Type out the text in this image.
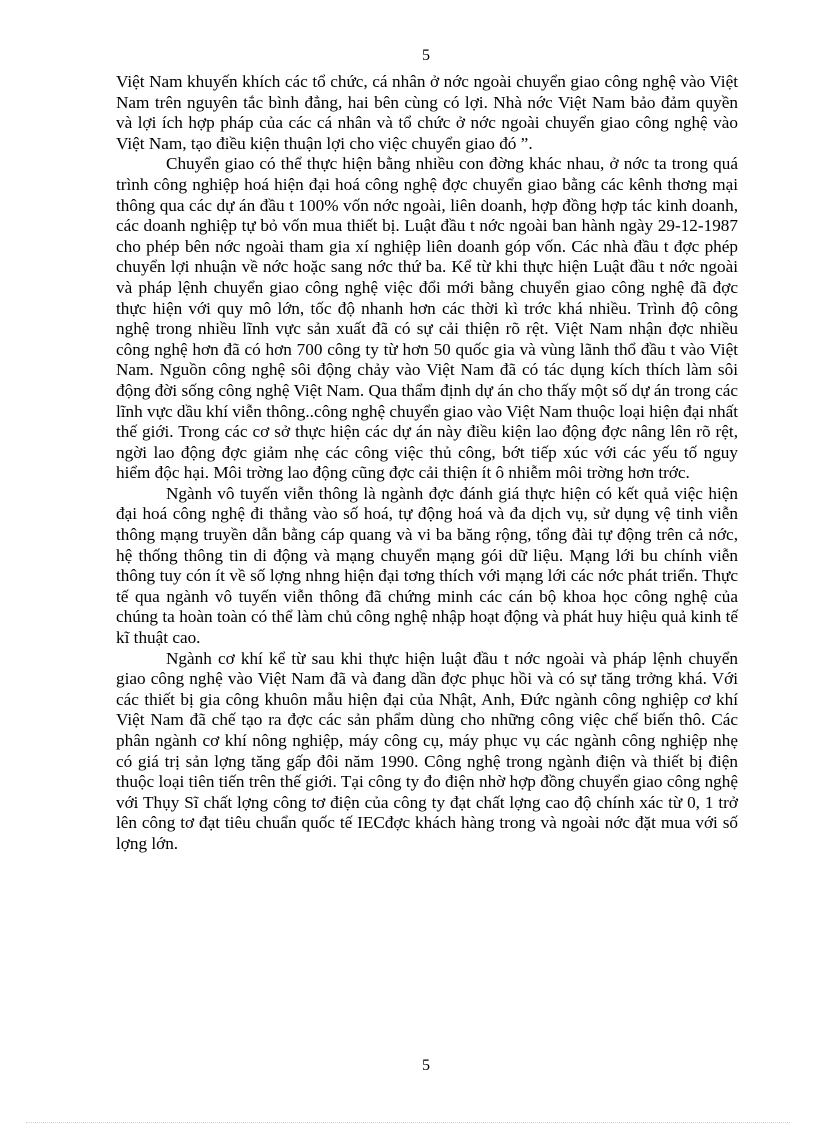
5

Việt Nam khuyến khích các tổ chức, cá nhân ở nớc ngoài chuyển giao công nghệ vào Việt Nam trên nguyên tắc bình đẳng, hai bên cùng có lợi. Nhà nớc Việt Nam bảo đảm quyền và lợi ích hợp pháp của các cá nhân và tổ chức ở nớc ngoài chuyển giao công nghệ vào Việt Nam, tạo điều kiện thuận lợi cho việc chuyển giao đó ”.

Chuyển giao có thể thực hiện bằng nhiều con đờng khác nhau, ở nớc ta trong quá trình công nghiệp hoá hiện đại hoá công nghệ đợc chuyển giao bằng các kênh thơng mại thông qua các dự án đầu t 100% vốn nớc ngoài, liên doanh, hợp đồng hợp tác kinh doanh, các doanh nghiệp tự bỏ vốn mua thiết bị. Luật đầu t nớc ngoài ban hành ngày 29-12-1987 cho phép bên nớc ngoài tham gia xí nghiệp liên doanh góp vốn. Các nhà đầu t đợc phép chuyển lợi nhuận về nớc hoặc sang nớc thứ ba. Kể từ khi thực hiện Luật đầu t nớc ngoài và pháp lệnh chuyển giao công nghệ việc đổi mới bằng chuyển giao công nghệ đã đợc thực hiện với quy mô lớn, tốc độ nhanh hơn các thời kì trớc khá nhiều. Trình độ công nghệ trong nhiều lĩnh vực sản xuất đã có sự cải thiện rõ rệt. Việt Nam nhận đợc nhiều công nghệ hơn đã có hơn 700 công ty từ hơn 50 quốc gia và vùng lãnh thổ đầu t vào Việt Nam. Nguồn công nghệ sôi động chảy vào Việt Nam đã có tác dụng kích thích làm sôi động đời sống công nghệ Việt Nam. Qua thẩm định dự án cho thấy một số dự án trong các lĩnh vực dầu khí viễn thông..công nghệ chuyển giao vào Việt Nam thuộc loại hiện đại nhất thế giới. Trong các cơ sở thực hiện các dự án này điều kiện lao động đợc nâng lên rõ rệt, ngời lao động đợc giảm nhẹ các công việc thủ công, bớt tiếp xúc với các yếu tố nguy hiểm độc hại. Môi trờng lao động cũng đợc cải thiện ít ô nhiễm môi trờng hơn trớc.

Ngành vô tuyến viễn thông là ngành đợc đánh giá thực hiện có kết quả việc hiện đại hoá công nghệ đi thẳng vào số hoá, tự động hoá và đa dịch vụ, sử dụng vệ tinh viễn thông mạng truyền dẫn bằng cáp quang và vi ba băng rộng, tổng đài tự động trên cả nớc, hệ thống thông tin di động và mạng chuyển mạng gói dữ liệu. Mạng lới bu chính viễn thông tuy cón ít về số lợng nhng hiện đại tơng thích với mạng lới các nớc phát triển. Thực tế qua ngành vô tuyến viễn thông đã chứng minh các cán bộ khoa học công nghệ của chúng ta hoàn toàn có thể làm chủ công nghệ nhập hoạt động và phát huy hiệu quả kinh tế kĩ thuật cao.

Ngành cơ khí kể từ sau khi thực hiện luật đầu t nớc ngoài và pháp lệnh chuyển giao công nghệ vào Việt Nam đã và đang dần đợc phục hồi và có sự tăng trởng khá. Với các thiết bị gia công khuôn mẫu hiện đại của Nhật, Anh, Đức ngành công nghiệp cơ khí Việt Nam đã chế tạo ra đợc các sản phẩm dùng cho những công việc chế biến thô. Các phân ngành cơ khí nông nghiệp, máy công cụ, máy phục vụ các ngành công nghiệp nhẹ có giá trị sản lợng tăng gấp đôi năm 1990. Công nghệ trong ngành điện và thiết bị điện thuộc loại tiên tiến trên thế giới. Tại công ty đo điện nhờ hợp đồng chuyển giao công nghệ với Thụy Sĩ chất lợng công tơ điện của công ty đạt chất lợng cao độ chính xác từ 0, 1 trở lên công tơ đạt tiêu chuẩn quốc tế IECđợc khách hàng trong và ngoài nớc đặt mua với số lợng lớn.

5
